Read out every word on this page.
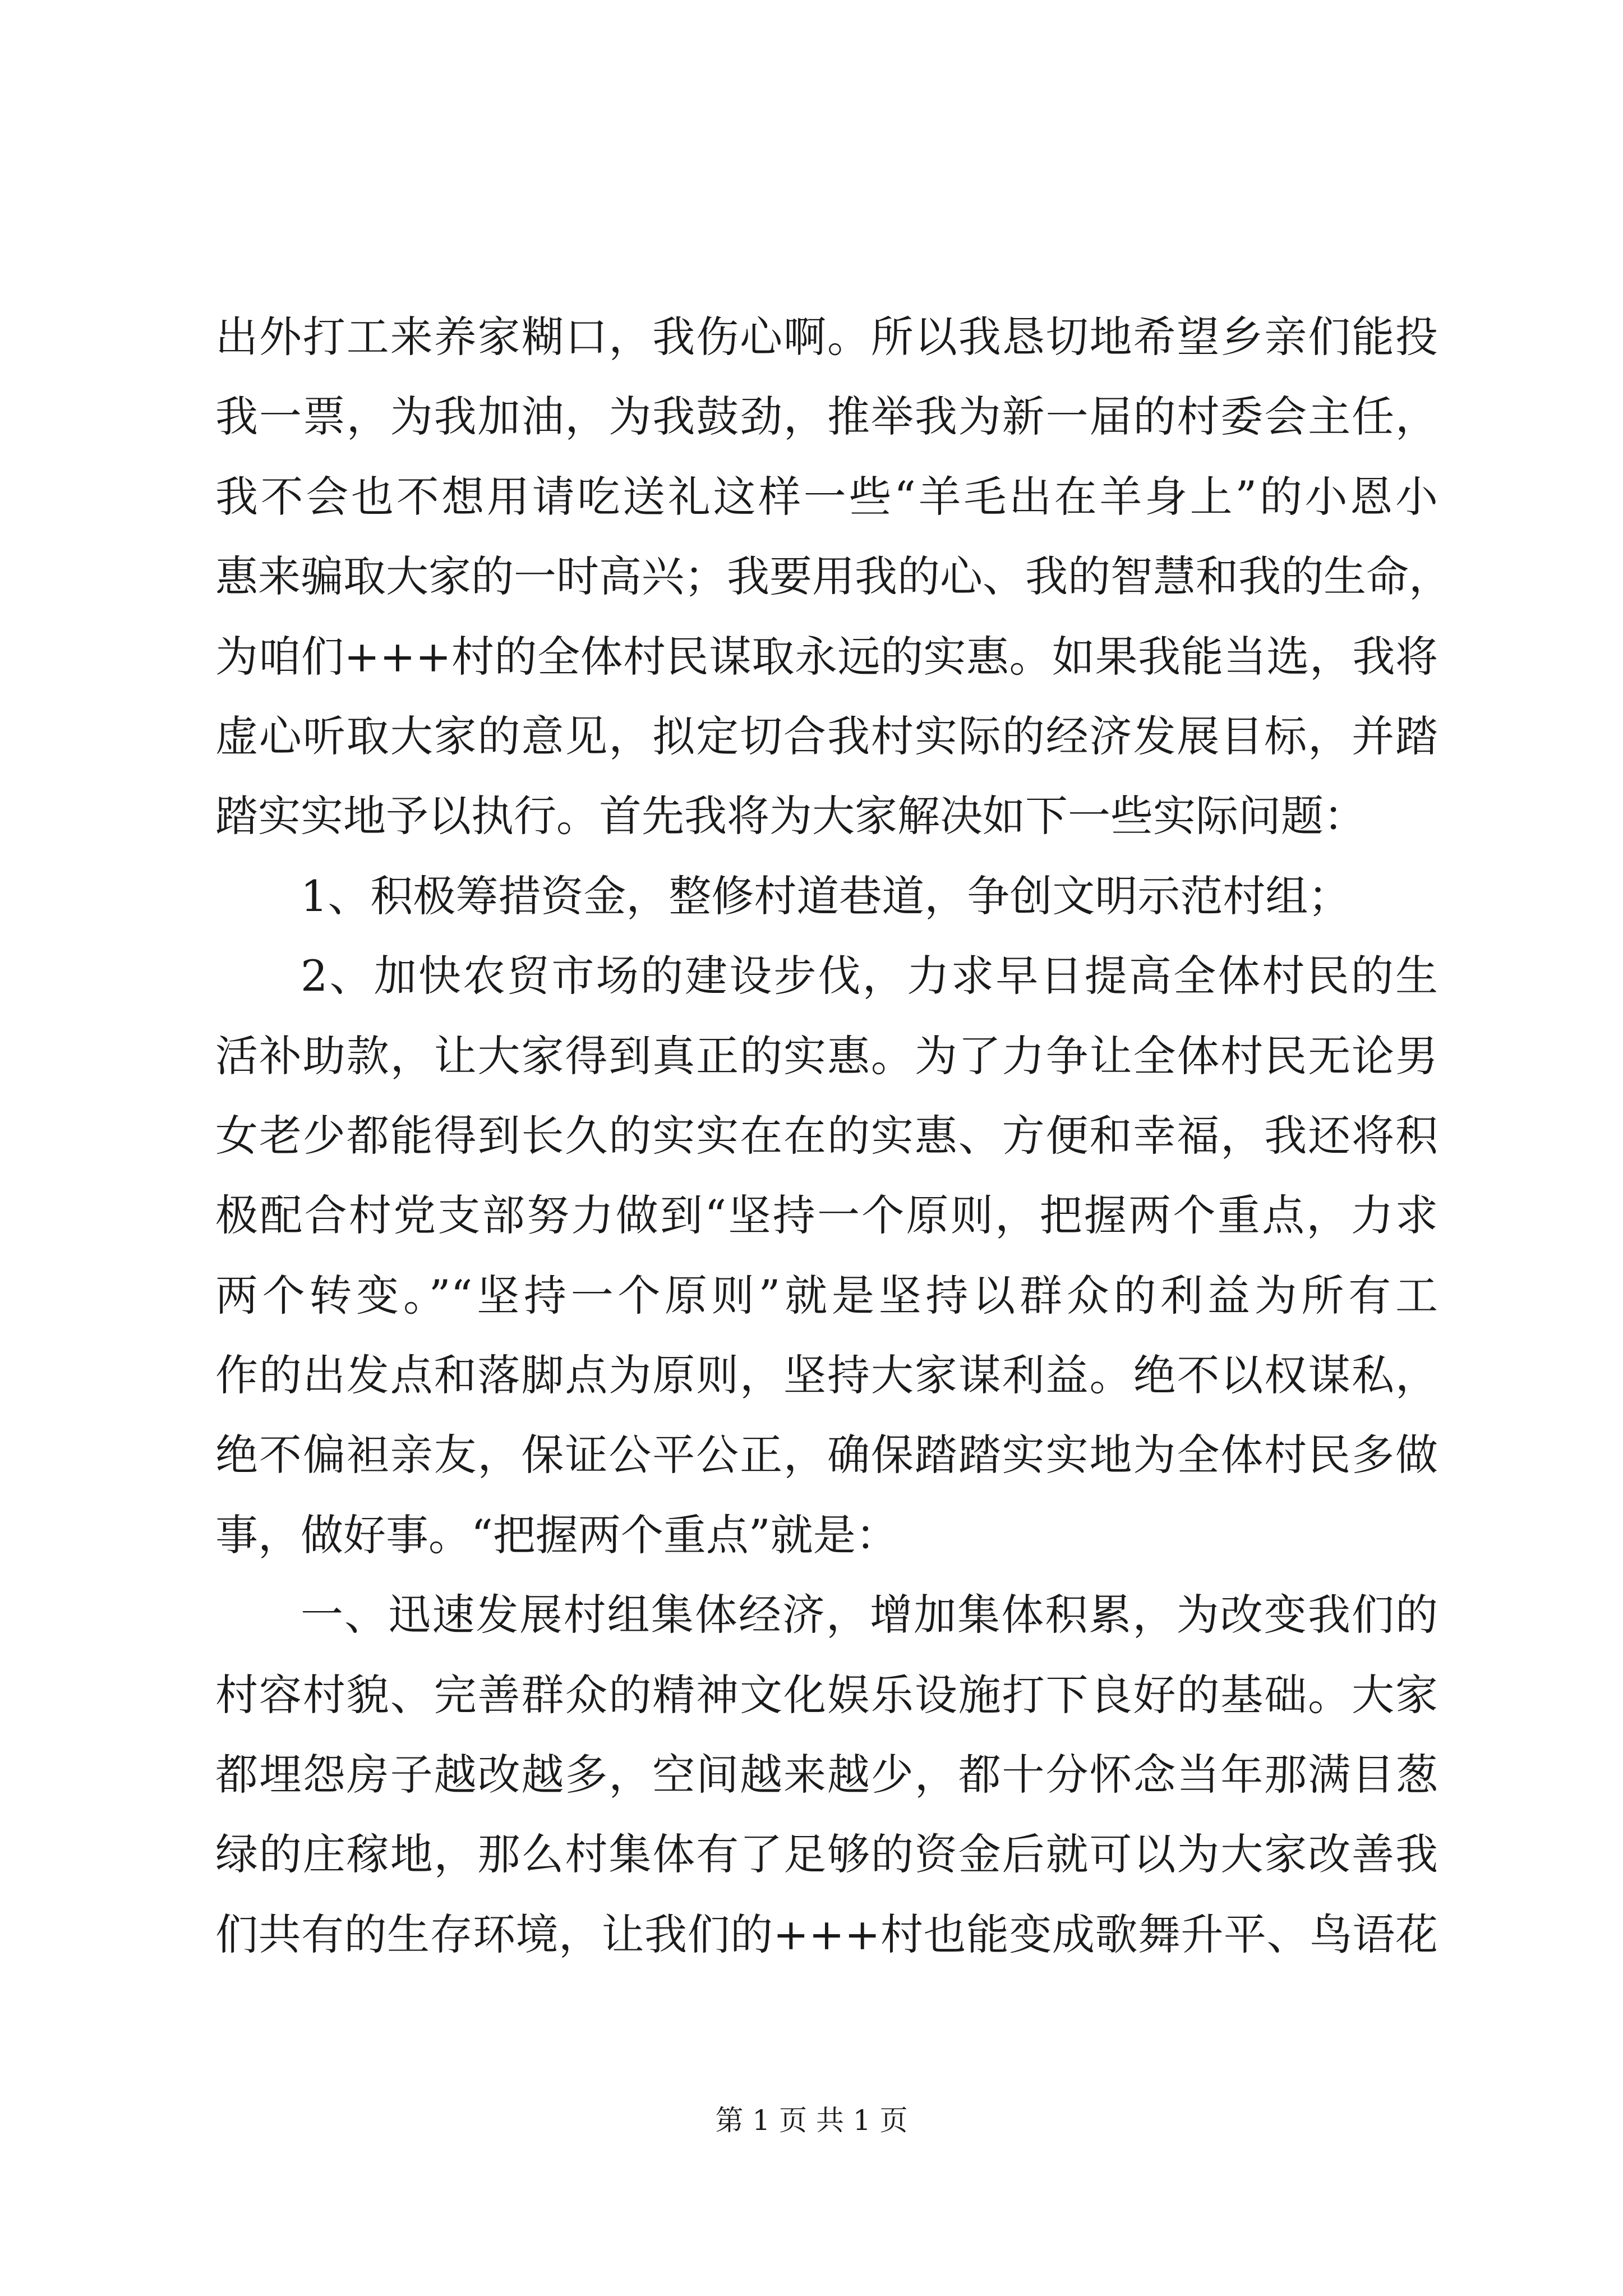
出外打工来养家糊口，我伤心啊。所以我恳切地希望乡亲们能投
我一票，为我加油，为我鼓劲，推举我为新一届的村委会主任，
我不会也不想用请吃送礼这样一些“羊毛出在羊身上”的小恩小
惠来骗取大家的一时高兴；我要用我的心、我的智慧和我的生命，
为咱们+++村的全体村民谋取永远的实惠。如果我能当选，我将
虚心听取大家的意见，拟定切合我村实际的经济发展目标，并踏
踏实实地予以执行。首先我将为大家解决如下一些实际问题：
1、积极筹措资金，整修村道巷道，争创文明示范村组；
2、加快农贸市场的建设步伐，力求早日提高全体村民的生
活补助款，让大家得到真正的实惠。为了力争让全体村民无论男
女老少都能得到长久的实实在在的实惠、方便和幸福，我还将积
极配合村党支部努力做到“坚持一个原则，把握两个重点，力求
两个转变。”“坚持一个原则”就是坚持以群众的利益为所有工
作的出发点和落脚点为原则，坚持大家谋利益。绝不以权谋私，
绝不偏袒亲友，保证公平公正，确保踏踏实实地为全体村民多做
事，做好事。“把握两个重点”就是：
一、迅速发展村组集体经济，增加集体积累，为改变我们的
村容村貌、完善群众的精神文化娱乐设施打下良好的基础。大家
都埋怨房子越改越多，空间越来越少，都十分怀念当年那满目葱
绿的庄稼地，那么村集体有了足够的资金后就可以为大家改善我
们共有的生存环境，让我们的+++村也能变成歌舞升平、鸟语花
第 1 页 共 1 页
